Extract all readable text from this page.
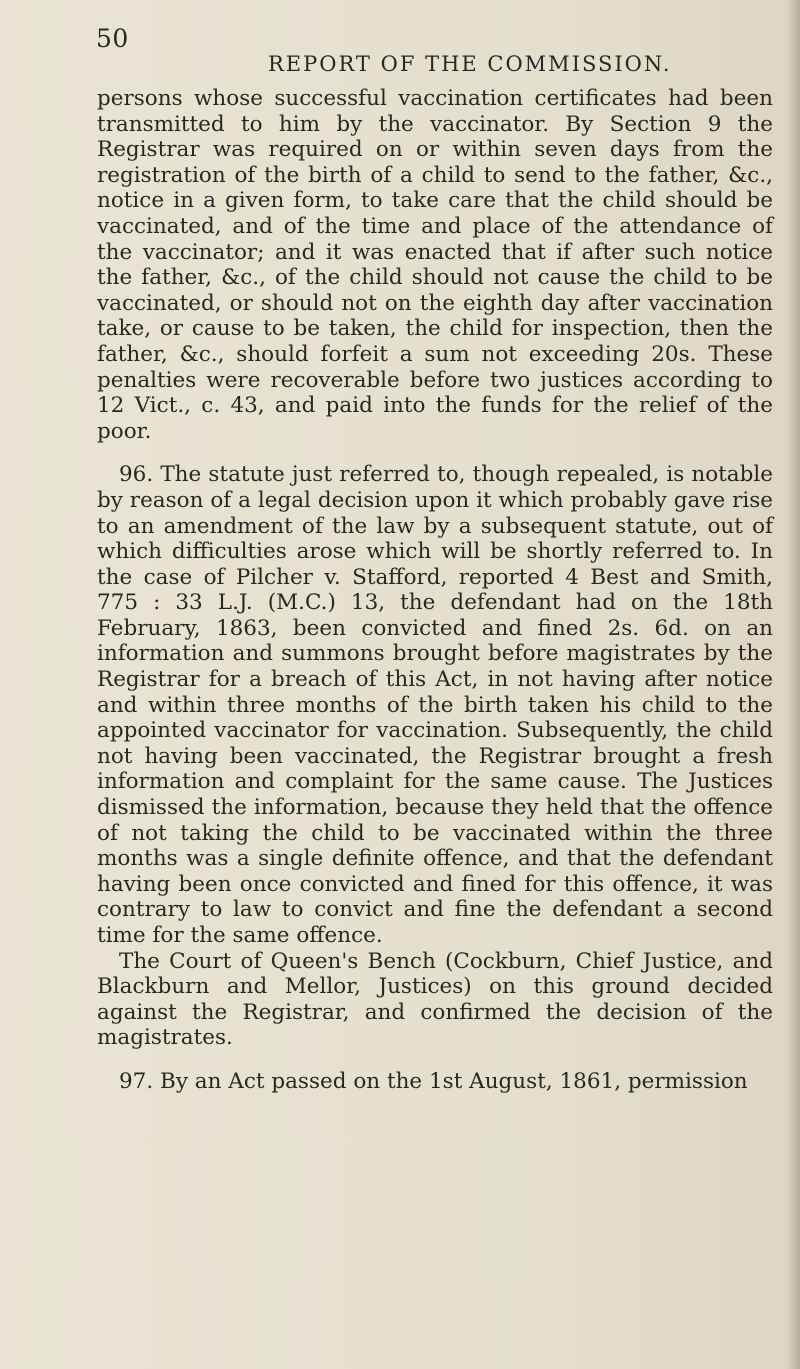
50
REPORT OF THE COMMISSION.

persons whose successful vaccination certificates had been transmitted to him by the vaccinator. By Section 9 the Registrar was required on or within seven days from the registration of the birth of a child to send to the father, &c., notice in a given form, to take care that the child should be vaccinated, and of the time and place of the attendance of the vaccinator; and it was enacted that if after such notice the father, &c., of the child should not cause the child to be vaccinated, or should not on the eighth day after vaccination take, or cause to be taken, the child for inspection, then the father, &c., should forfeit a sum not exceeding 20s. These penalties were recoverable before two justices according to 12 Vict., c. 43, and paid into the funds for the relief of the poor.

96. The statute just referred to, though repealed, is notable by reason of a legal decision upon it which probably gave rise to an amendment of the law by a subsequent statute, out of which difficulties arose which will be shortly referred to. In the case of Pilcher v. Stafford, reported 4 Best and Smith, 775 : 33 L.J. (M.C.) 13, the defendant had on the 18th February, 1863, been convicted and fined 2s. 6d. on an information and summons brought before magistrates by the Registrar for a breach of this Act, in not having after notice and within three months of the birth taken his child to the appointed vaccinator for vaccination. Subsequently, the child not having been vaccinated, the Registrar brought a fresh information and complaint for the same cause. The Justices dismissed the information, because they held that the offence of not taking the child to be vaccinated within the three months was a single definite offence, and that the defendant having been once convicted and fined for this offence, it was contrary to law to convict and fine the defendant a second time for the same offence.

The Court of Queen's Bench (Cockburn, Chief Justice, and Blackburn and Mellor, Justices) on this ground decided against the Registrar, and confirmed the decision of the magistrates.

97. By an Act passed on the 1st August, 1861, permission
